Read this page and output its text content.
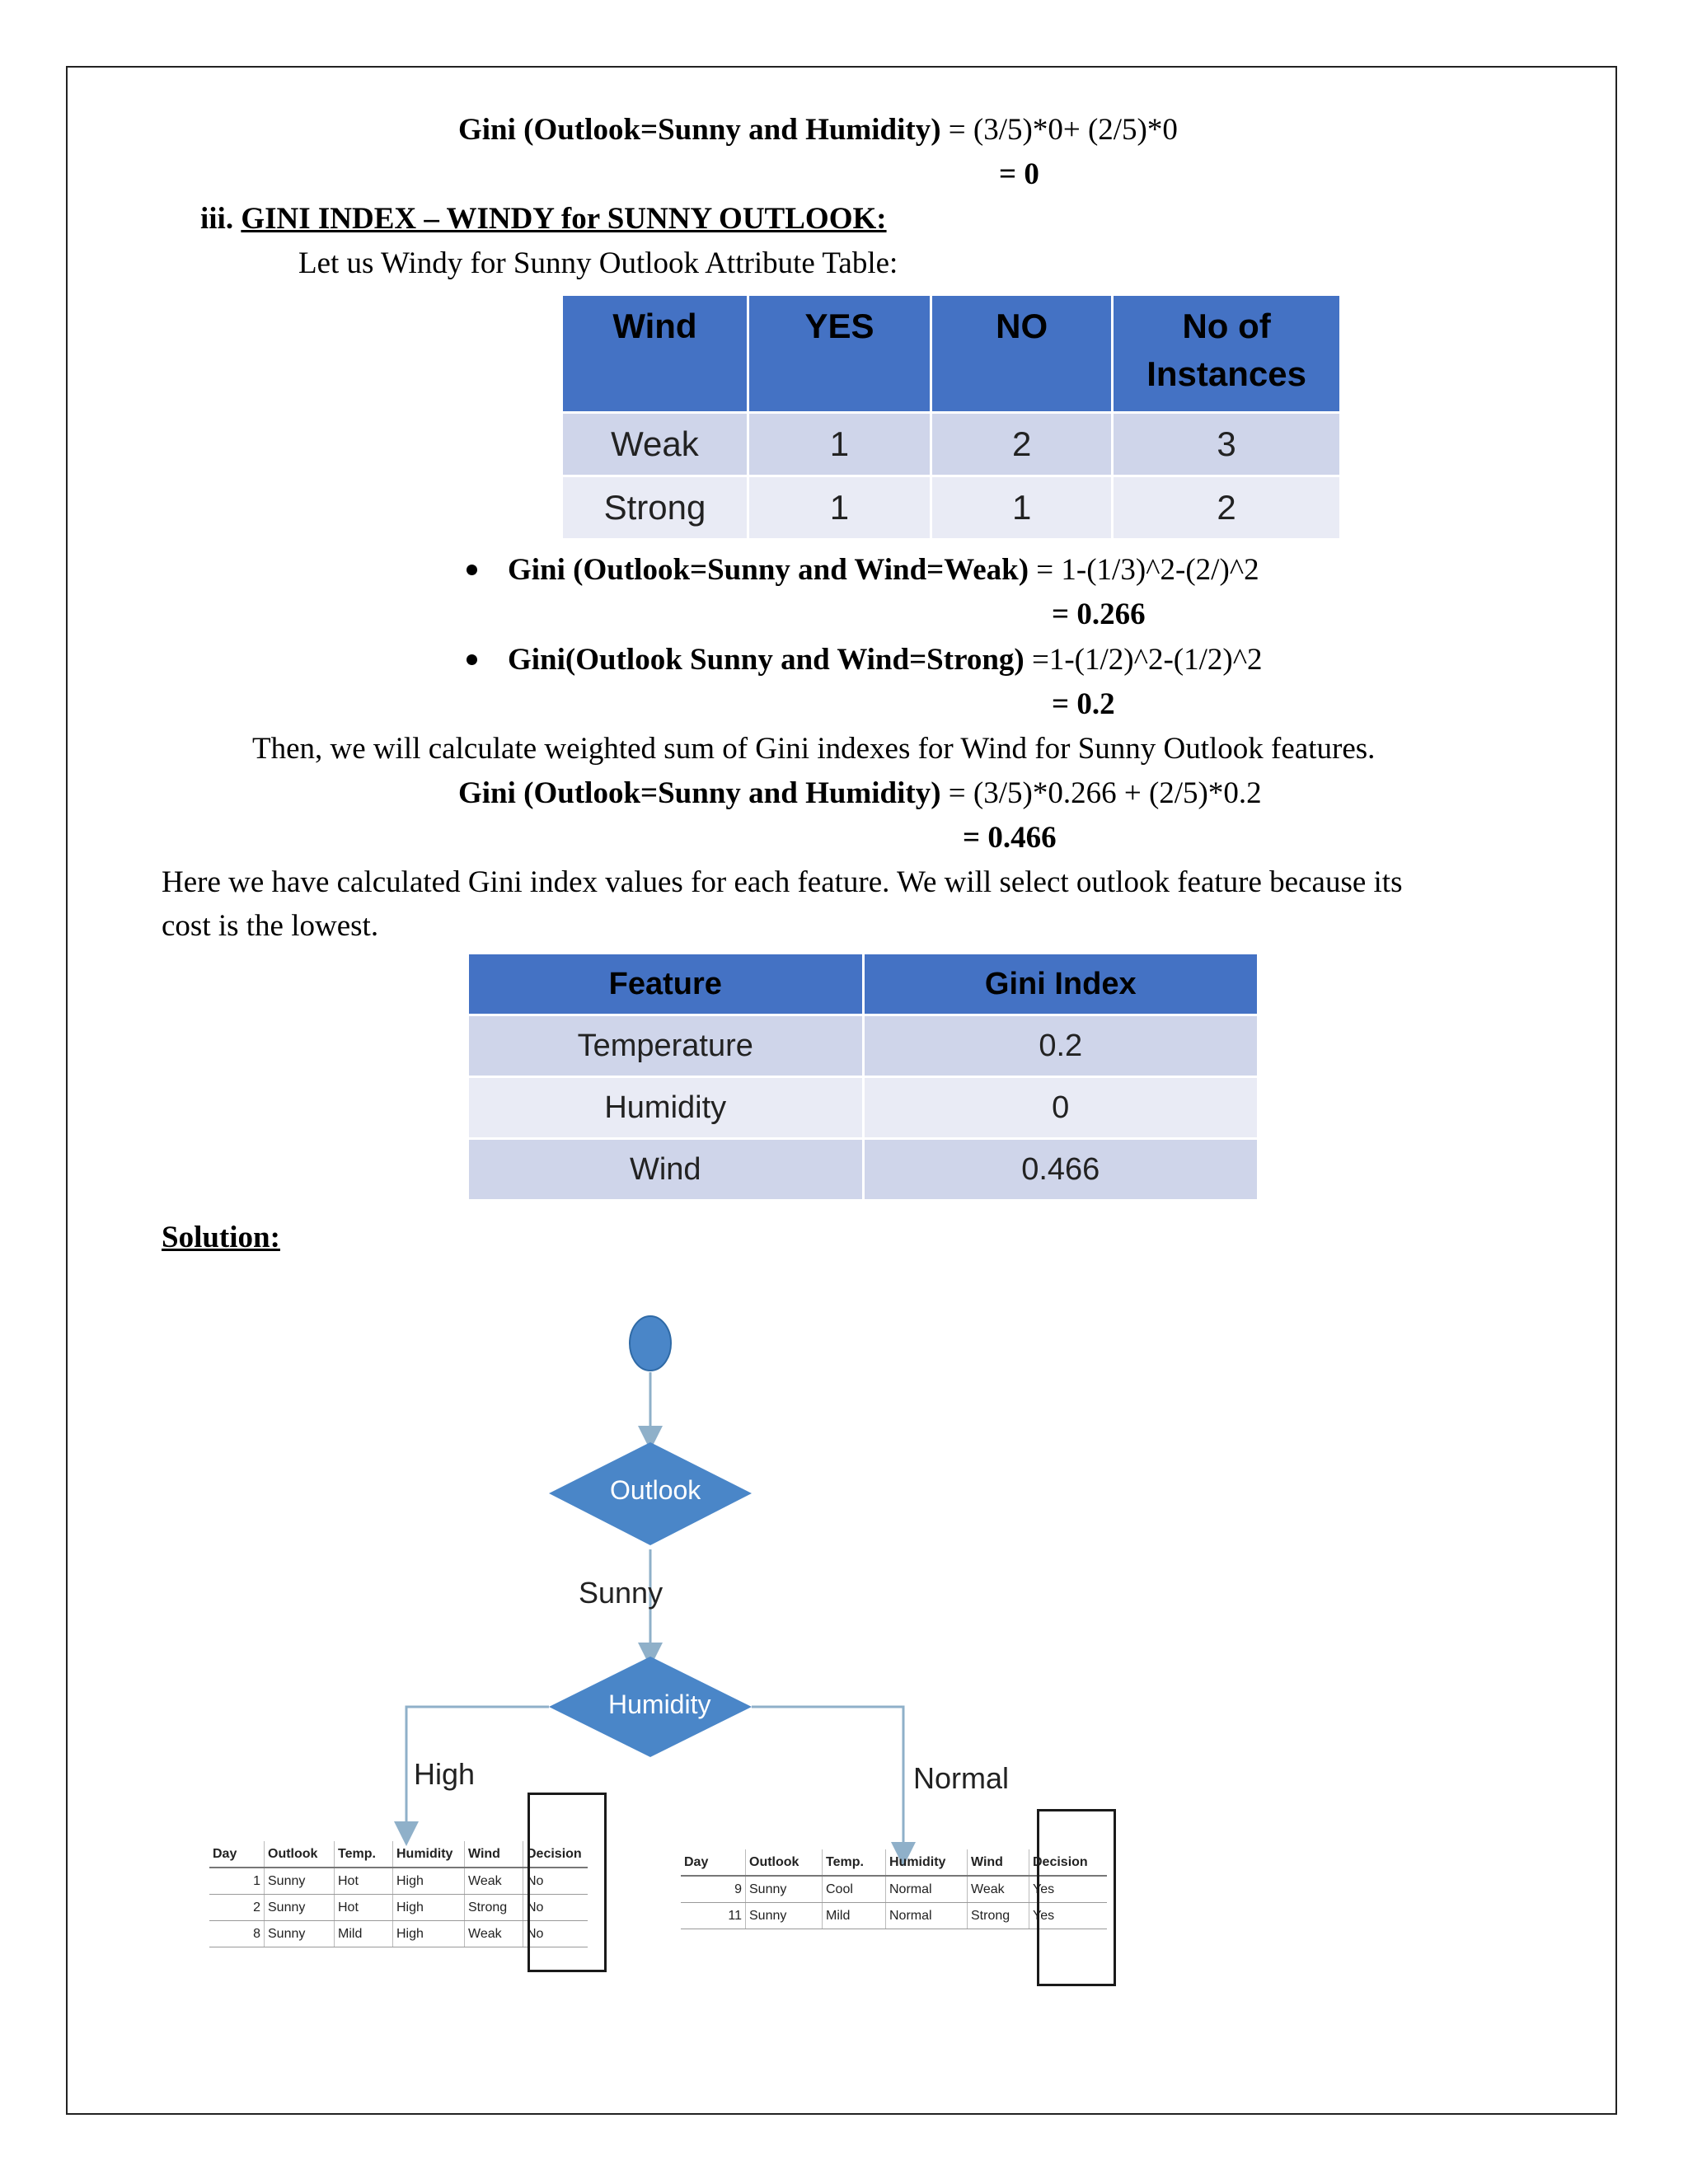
Gini (Outlook=Sunny and Humidity) = (3/5)*0+ (2/5)*0
= 0
iii. GINI INDEX – WINDY for SUNNY OUTLOOK:
Let us Windy for Sunny Outlook Attribute Table:
Wind	YES	NO	No of Instances
Weak	1	2	3
Strong	1	1	2
Gini (Outlook=Sunny and Wind=Weak) = 1-(1/3)^2-(2/)^2
= 0.266
Gini(Outlook Sunny and Wind=Strong) =1-(1/2)^2-(1/2)^2
= 0.2
Then, we will calculate weighted sum of Gini indexes for Wind for Sunny Outlook features.
Gini (Outlook=Sunny and Humidity) = (3/5)*0.266 + (2/5)*0.2
= 0.466
Here we have calculated Gini index values for each feature. We will select outlook feature because its
cost is the lowest.
Feature	Gini Index
Temperature	0.2
Humidity	0
Wind	0.466
Solution:
Outlook
Humidity
Sunny
High	Normal
Day	Outlook	Temp.	Humidity	Wind	Decision
1	Sunny	Hot	High	Weak	No
2	Sunny	Hot	High	Strong	No
8	Sunny	Mild	High	Weak	No
Day	Outlook	Temp.	Humidity	Wind	Decision
9	Sunny	Cool	Normal	Weak	Yes
11	Sunny	Mild	Normal	Strong	Yes
